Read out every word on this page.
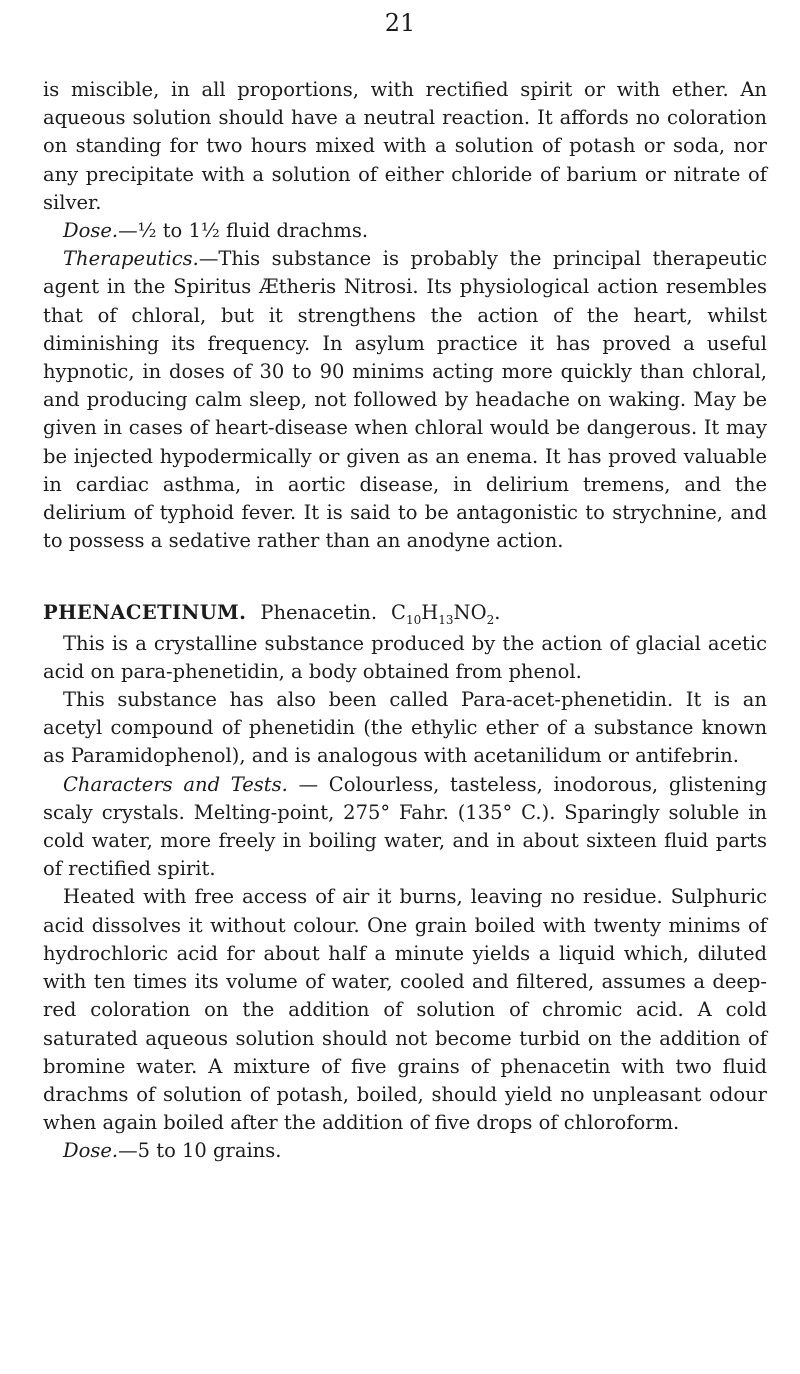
21

is miscible, in all proportions, with rectified spirit or with ether. An aqueous solution should have a neutral reaction. It affords no coloration on standing for two hours mixed with a solution of potash or soda, nor any precipitate with a solution of either chloride of barium or nitrate of silver.

Dose.—½ to 1½ fluid drachms.

Therapeutics.—This substance is probably the principal therapeutic agent in the Spiritus Ætheris Nitrosi. Its physiological action resembles that of chloral, but it strengthens the action of the heart, whilst diminishing its frequency. In asylum practice it has proved a useful hypnotic, in doses of 30 to 90 minims acting more quickly than chloral, and producing calm sleep, not followed by headache on waking. May be given in cases of heart-disease when chloral would be dangerous. It may be injected hypodermically or given as an enema. It has proved valuable in cardiac asthma, in aortic disease, in delirium tremens, and the delirium of typhoid fever. It is said to be antagonistic to strychnine, and to possess a sedative rather than an anodyne action.

PHENACETINUM. Phenacetin. $C_{10}H_{13}NO_2$.

This is a crystalline substance produced by the action of glacial acetic acid on para-phenetidin, a body obtained from phenol.

This substance has also been called Para-acet-phenetidin. It is an acetyl compound of phenetidin (the ethylic ether of a substance known as Paramidophenol), and is analogous with acetanilidum or antifebrin.

Characters and Tests. — Colourless, tasteless, inodorous, glistening scaly crystals. Melting-point, 275° Fahr. (135° C.). Sparingly soluble in cold water, more freely in boiling water, and in about sixteen fluid parts of rectified spirit.

Heated with free access of air it burns, leaving no residue. Sulphuric acid dissolves it without colour. One grain boiled with twenty minims of hydrochloric acid for about half a minute yields a liquid which, diluted with ten times its volume of water, cooled and filtered, assumes a deep-red coloration on the addition of solution of chromic acid. A cold saturated aqueous solution should not become turbid on the addition of bromine water. A mixture of five grains of phenacetin with two fluid drachms of solution of potash, boiled, should yield no unpleasant odour when again boiled after the addition of five drops of chloroform.

Dose.—5 to 10 grains.
